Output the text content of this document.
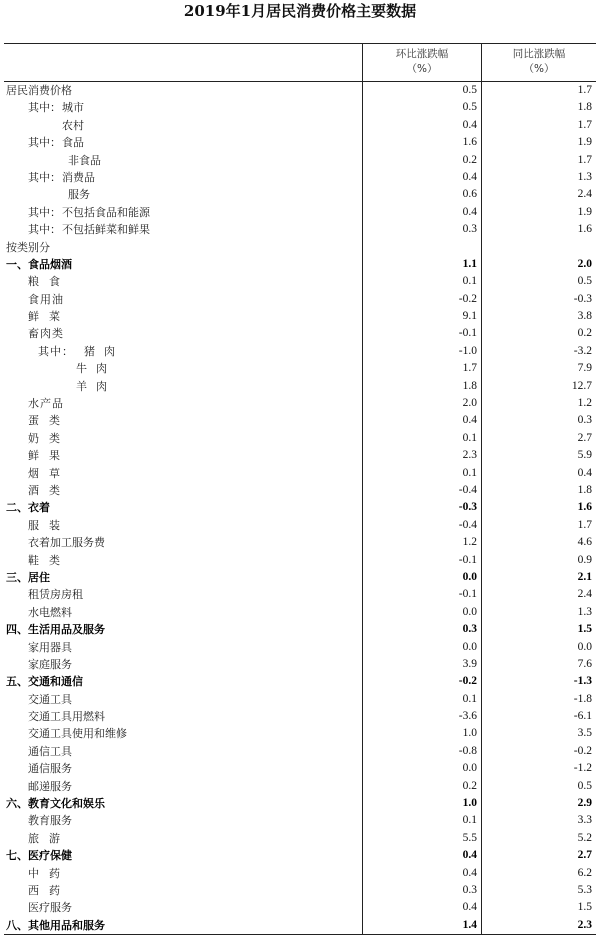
2019年1月居民消费价格主要数据
环比涨跌幅
（%）
同比涨跌幅
（%）
居民消费价格	0.5	1.7
其中： 城市	0.5	1.8
农村	0.4	1.7
其中： 食品	1.6	1.9
非食品	0.2	1.7
其中： 消费品	0.4	1.3
服务	0.6	2.4
其中： 不包括食品和能源	0.4	1.9
其中： 不包括鲜菜和鲜果	0.3	1.6
按类别分
一、食品烟酒	1.1	2.0
粮食	0.1	0.5
食用油	-0.2	-0.3
鲜菜	9.1	3.8
畜肉类	-0.1	0.2
其中： 猪肉	-1.0	-3.2
牛肉	1.7	7.9
羊肉	1.8	12.7
水产品	2.0	1.2
蛋类	0.4	0.3
奶类	0.1	2.7
鲜果	2.3	5.9
烟草	0.1	0.4
酒类	-0.4	1.8
二、衣着	-0.3	1.6
服装	-0.4	1.7
衣着加工服务费	1.2	4.6
鞋类	-0.1	0.9
三、居住	0.0	2.1
租赁房房租	-0.1	2.4
水电燃料	0.0	1.3
四、生活用品及服务	0.3	1.5
家用器具	0.0	0.0
家庭服务	3.9	7.6
五、交通和通信	-0.2	-1.3
交通工具	0.1	-1.8
交通工具用燃料	-3.6	-6.1
交通工具使用和维修	1.0	3.5
通信工具	-0.8	-0.2
通信服务	0.0	-1.2
邮递服务	0.2	0.5
六、教育文化和娱乐	1.0	2.9
教育服务	0.1	3.3
旅游	5.5	5.2
七、医疗保健	0.4	2.7
中药	0.4	6.2
西药	0.3	5.3
医疗服务	0.4	1.5
八、其他用品和服务	1.4	2.3
